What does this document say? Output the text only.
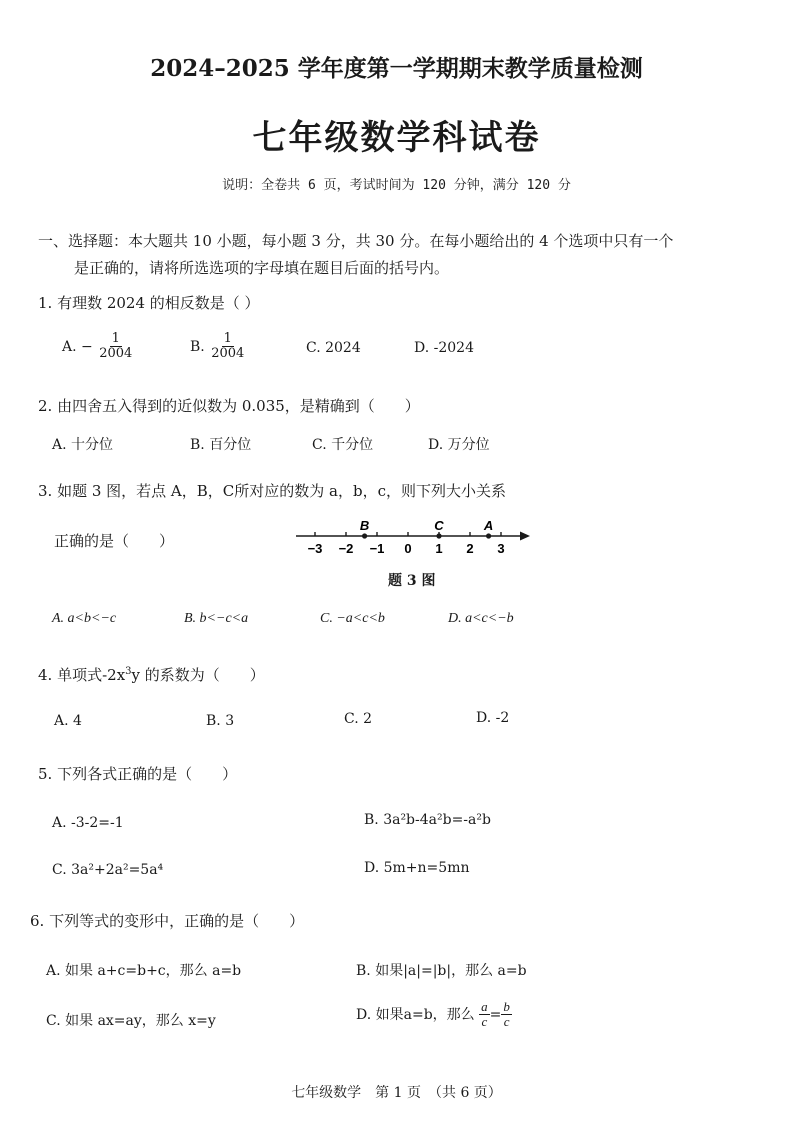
2024–2025 学年度第一学期期末教学质量检测
七年级数学科试卷
说明：全卷共 6 页，考试时间为 120 分钟，满分 120 分
一、选择题：本大题共 10 小题，每小题 3 分，共 30 分。在每小题给出的 4 个选项中只有一个
是正确的，请将所选选项的字母填在题目后面的括号内。
1. 有理数 2024 的相反数是（ ）
A. − $\frac{1}{2004}$	B. $\frac{1}{2004}$	C. 2024	D. -2024
2. 由四舍五入得到的近似数为 0.035，是精确到（　　）
A. 十分位	B. 百分位	C. 千分位	D. 万分位
3. 如题 3 图，若点 A，B，C所对应的数为 a，b，c，则下列大小关系
正确的是（　　）	−3 −2 −1 0 1 2 3
B	C	A
题 3 图
A. a<b<−c	B. b<−c<a	C. −a<c<b	D. a<c<−b
4. 单项式$-2x^3y$ 的系数为（　　）
A. 4	B. 3	C. 2	D. -2
5. 下列各式正确的是（　　）
A. -3-2=-1	B. 3a²b-4a²b=-a²b
C. 3a²+2a²=5a⁴	D. 5m+n=5mn
6. 下列等式的变形中，正确的是（　　）
A. 如果 a+c=b+c，那么 a=b	B. 如果|a|=|b|，那么 a=b
C. 如果 ax=ay，那么 x=y	D. 如果a=b，那么 $\frac{a}{c} = \frac{b}{c}$
七年级数学　第 1 页　（共 6 页）
